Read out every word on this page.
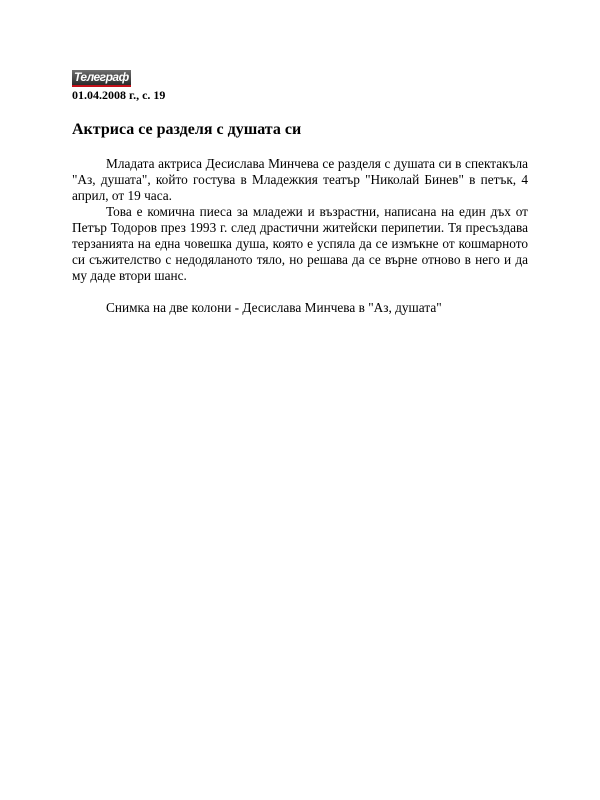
Телеграф
01.04.2008 г., с. 19
Актриса се разделя с душата си

Младата актриса Десислава Минчева се разделя с душата си в спектакъла "Аз, душата", който гостува в Младежкия театър "Николай Бинев" в петък, 4 април, от 19 часа.

Това е комична пиеса за младежи и възрастни, написана на един дъх от Петър Тодоров през 1993 г. след драстични житейски перипетии. Тя пресъздава терзанията на една човешка душа, която е успяла да се измъкне от кошмарното си съжителство с недодяланото тяло, но решава да се върне отново в него и да му даде втори шанс.

Снимка на две колони - Десислава Минчева в "Аз, душата"
